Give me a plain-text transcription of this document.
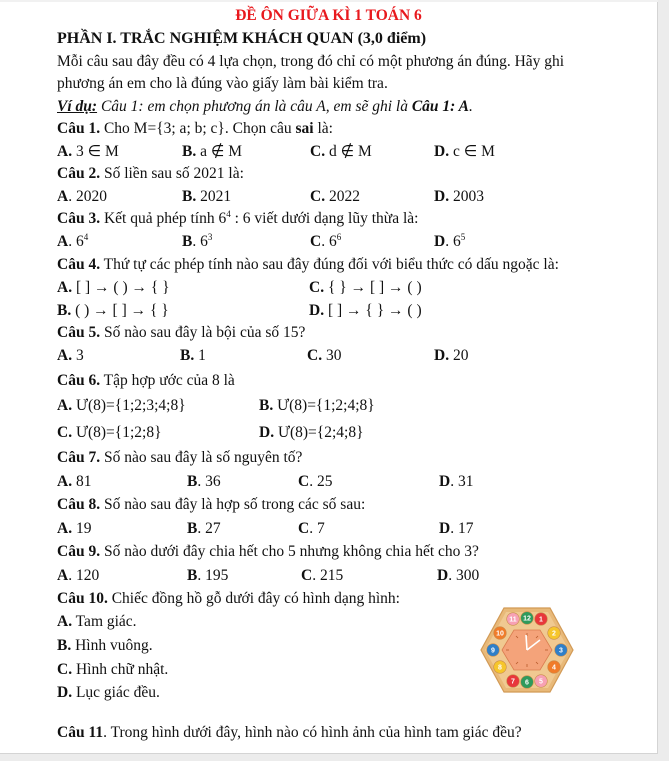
ĐỀ ÔN GIỮA KÌ 1 TOÁN 6
PHẦN I. TRẮC NGHIỆM KHÁCH QUAN (3,0 điểm)
Mỗi câu sau đây đều có 4 lựa chọn, trong đó chỉ có một phương án đúng. Hãy ghi
phương án em cho là đúng vào giấy làm bài kiểm tra.
Ví dụ: Câu 1: em chọn phương án là câu A, em sẽ ghi là Câu 1: A.
Câu 1. Cho M={3; a; b; c}. Chọn câu sai là:
A. 3 ∈ M	B. a ∉ M	C. d ∉ M	D. c ∈ M
Câu 2. Số liền sau số 2021 là:
A. 2020	B. 2021	C. 2022	D. 2003
Câu 3. Kết quả phép tính $6^4$ : 6 viết dưới dạng lũy thừa là:
A. $6^4$	B. $6^3$	C. $6^6$	D. $6^5$
Câu 4. Thứ tự các phép tính nào sau đây đúng đối với biểu thức có dấu ngoặc là:
A. [ ] → ( ) → { }	C. { } → [ ] → ( )
B. ( ) → [ ] → { }	D. [ ] → { } → ( )
Câu 5. Số nào sau đây là bội của số 15?
A. 3	B. 1	C. 30	D. 20
Câu 6. Tập hợp ước của 8 là
A. Ư(8)={1;2;3;4;8}	B. Ư(8)={1;2;4;8}
C. Ư(8)={1;2;8}	D. Ư(8)={2;4;8}
Câu 7. Số nào sau đây là số nguyên tố?
A. 81	B. 36	C. 25	D. 31
Câu 8. Số nào sau đây là hợp số trong các số sau:
A. 19	B. 27	C. 7	D. 17
Câu 9. Số nào dưới đây chia hết cho 5 nhưng không chia hết cho 3?
A. 120	B. 195	C. 215	D. 300
Câu 10. Chiếc đồng hồ gỗ dưới đây có hình dạng hình:
A. Tam giác.
B. Hình vuông.
C. Hình chữ nhật.
D. Lục giác đều.
11 12 1
10	2
9	3
8	4
7 6 5
Câu 11. Trong hình dưới đây, hình nào có hình ảnh của hình tam giác đều?
